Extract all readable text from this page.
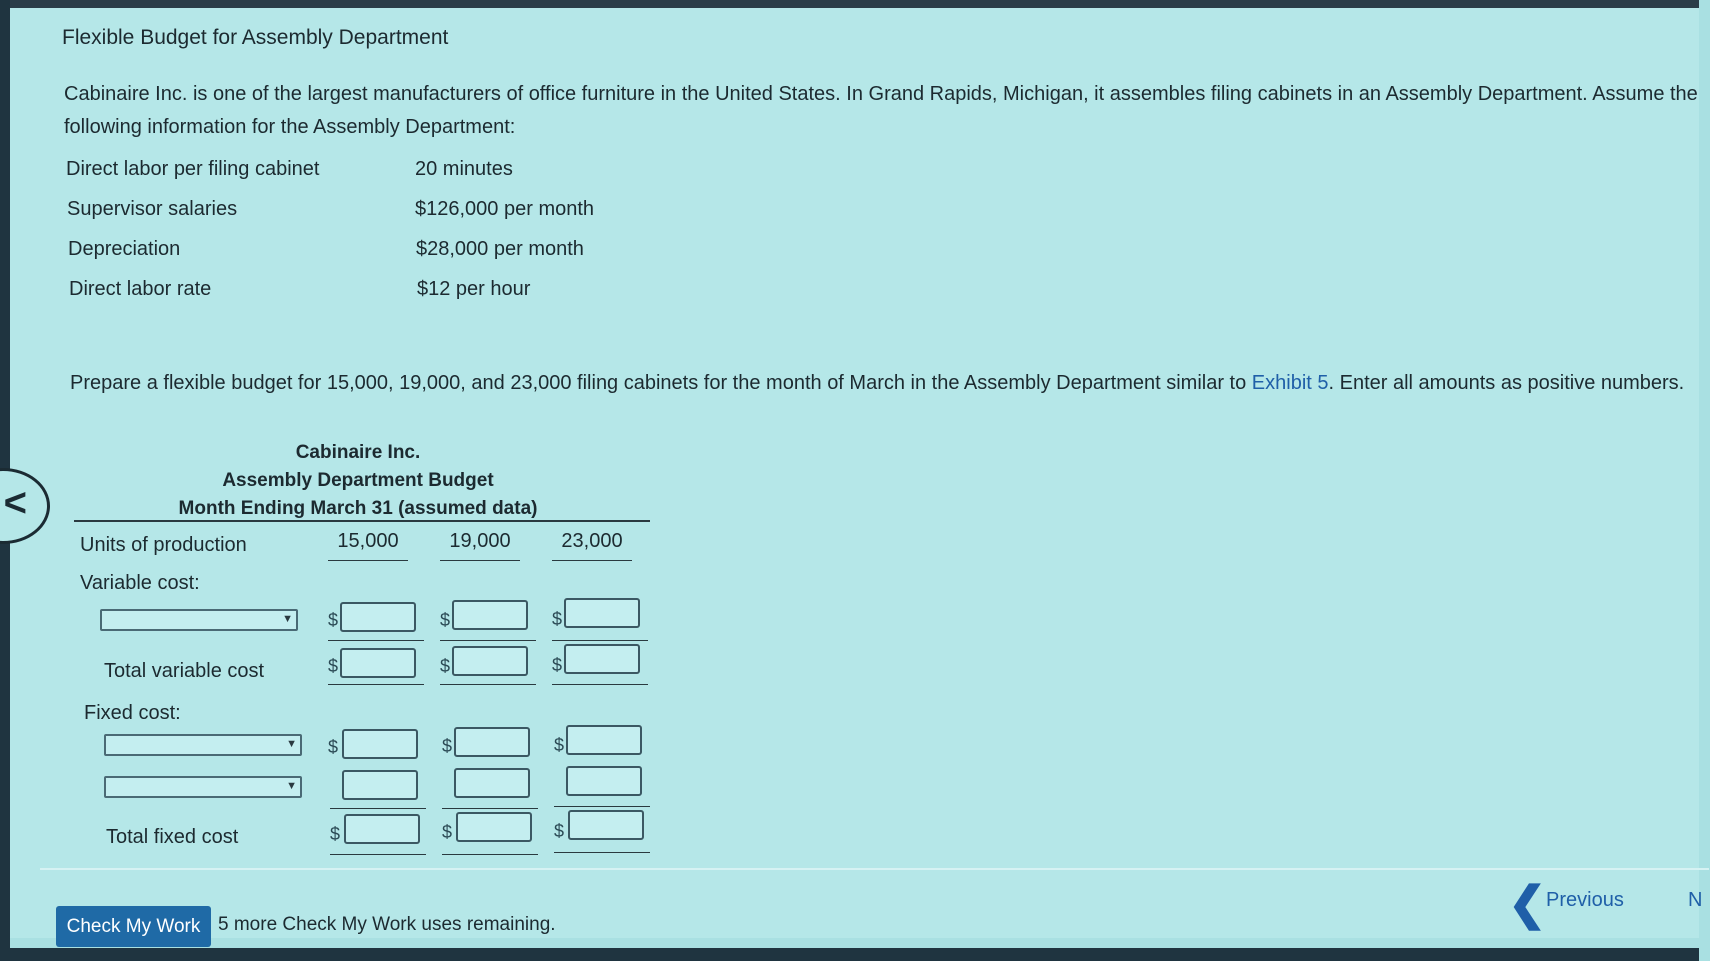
Flexible Budget for Assembly Department
Cabinaire Inc. is one of the largest manufacturers of office furniture in the United States. In Grand Rapids, Michigan, it assembles filing cabinets in an Assembly Department. Assume the following information for the Assembly Department:
Direct labor per filing cabinet	20 minutes
Supervisor salaries	$126,000 per month
Depreciation	$28,000 per month
Direct labor rate	$12 per hour
Prepare a flexible budget for 15,000, 19,000, and 23,000 filing cabinets for the month of March in the Assembly Department similar to Exhibit 5. Enter all amounts as positive numbers.
Cabinaire Inc.
Assembly Department Budget
Month Ending March 31 (assumed data)
Units of production	15,000	19,000	23,000
Variable cost:
▼ $	$	$
Total variable cost	$	$	$
Fixed cost:
▼ $	$	$
▼
Total fixed cost	$	$	$
<
Check My Work 5 more Check My Work uses remaining.	❮ Previous	N
